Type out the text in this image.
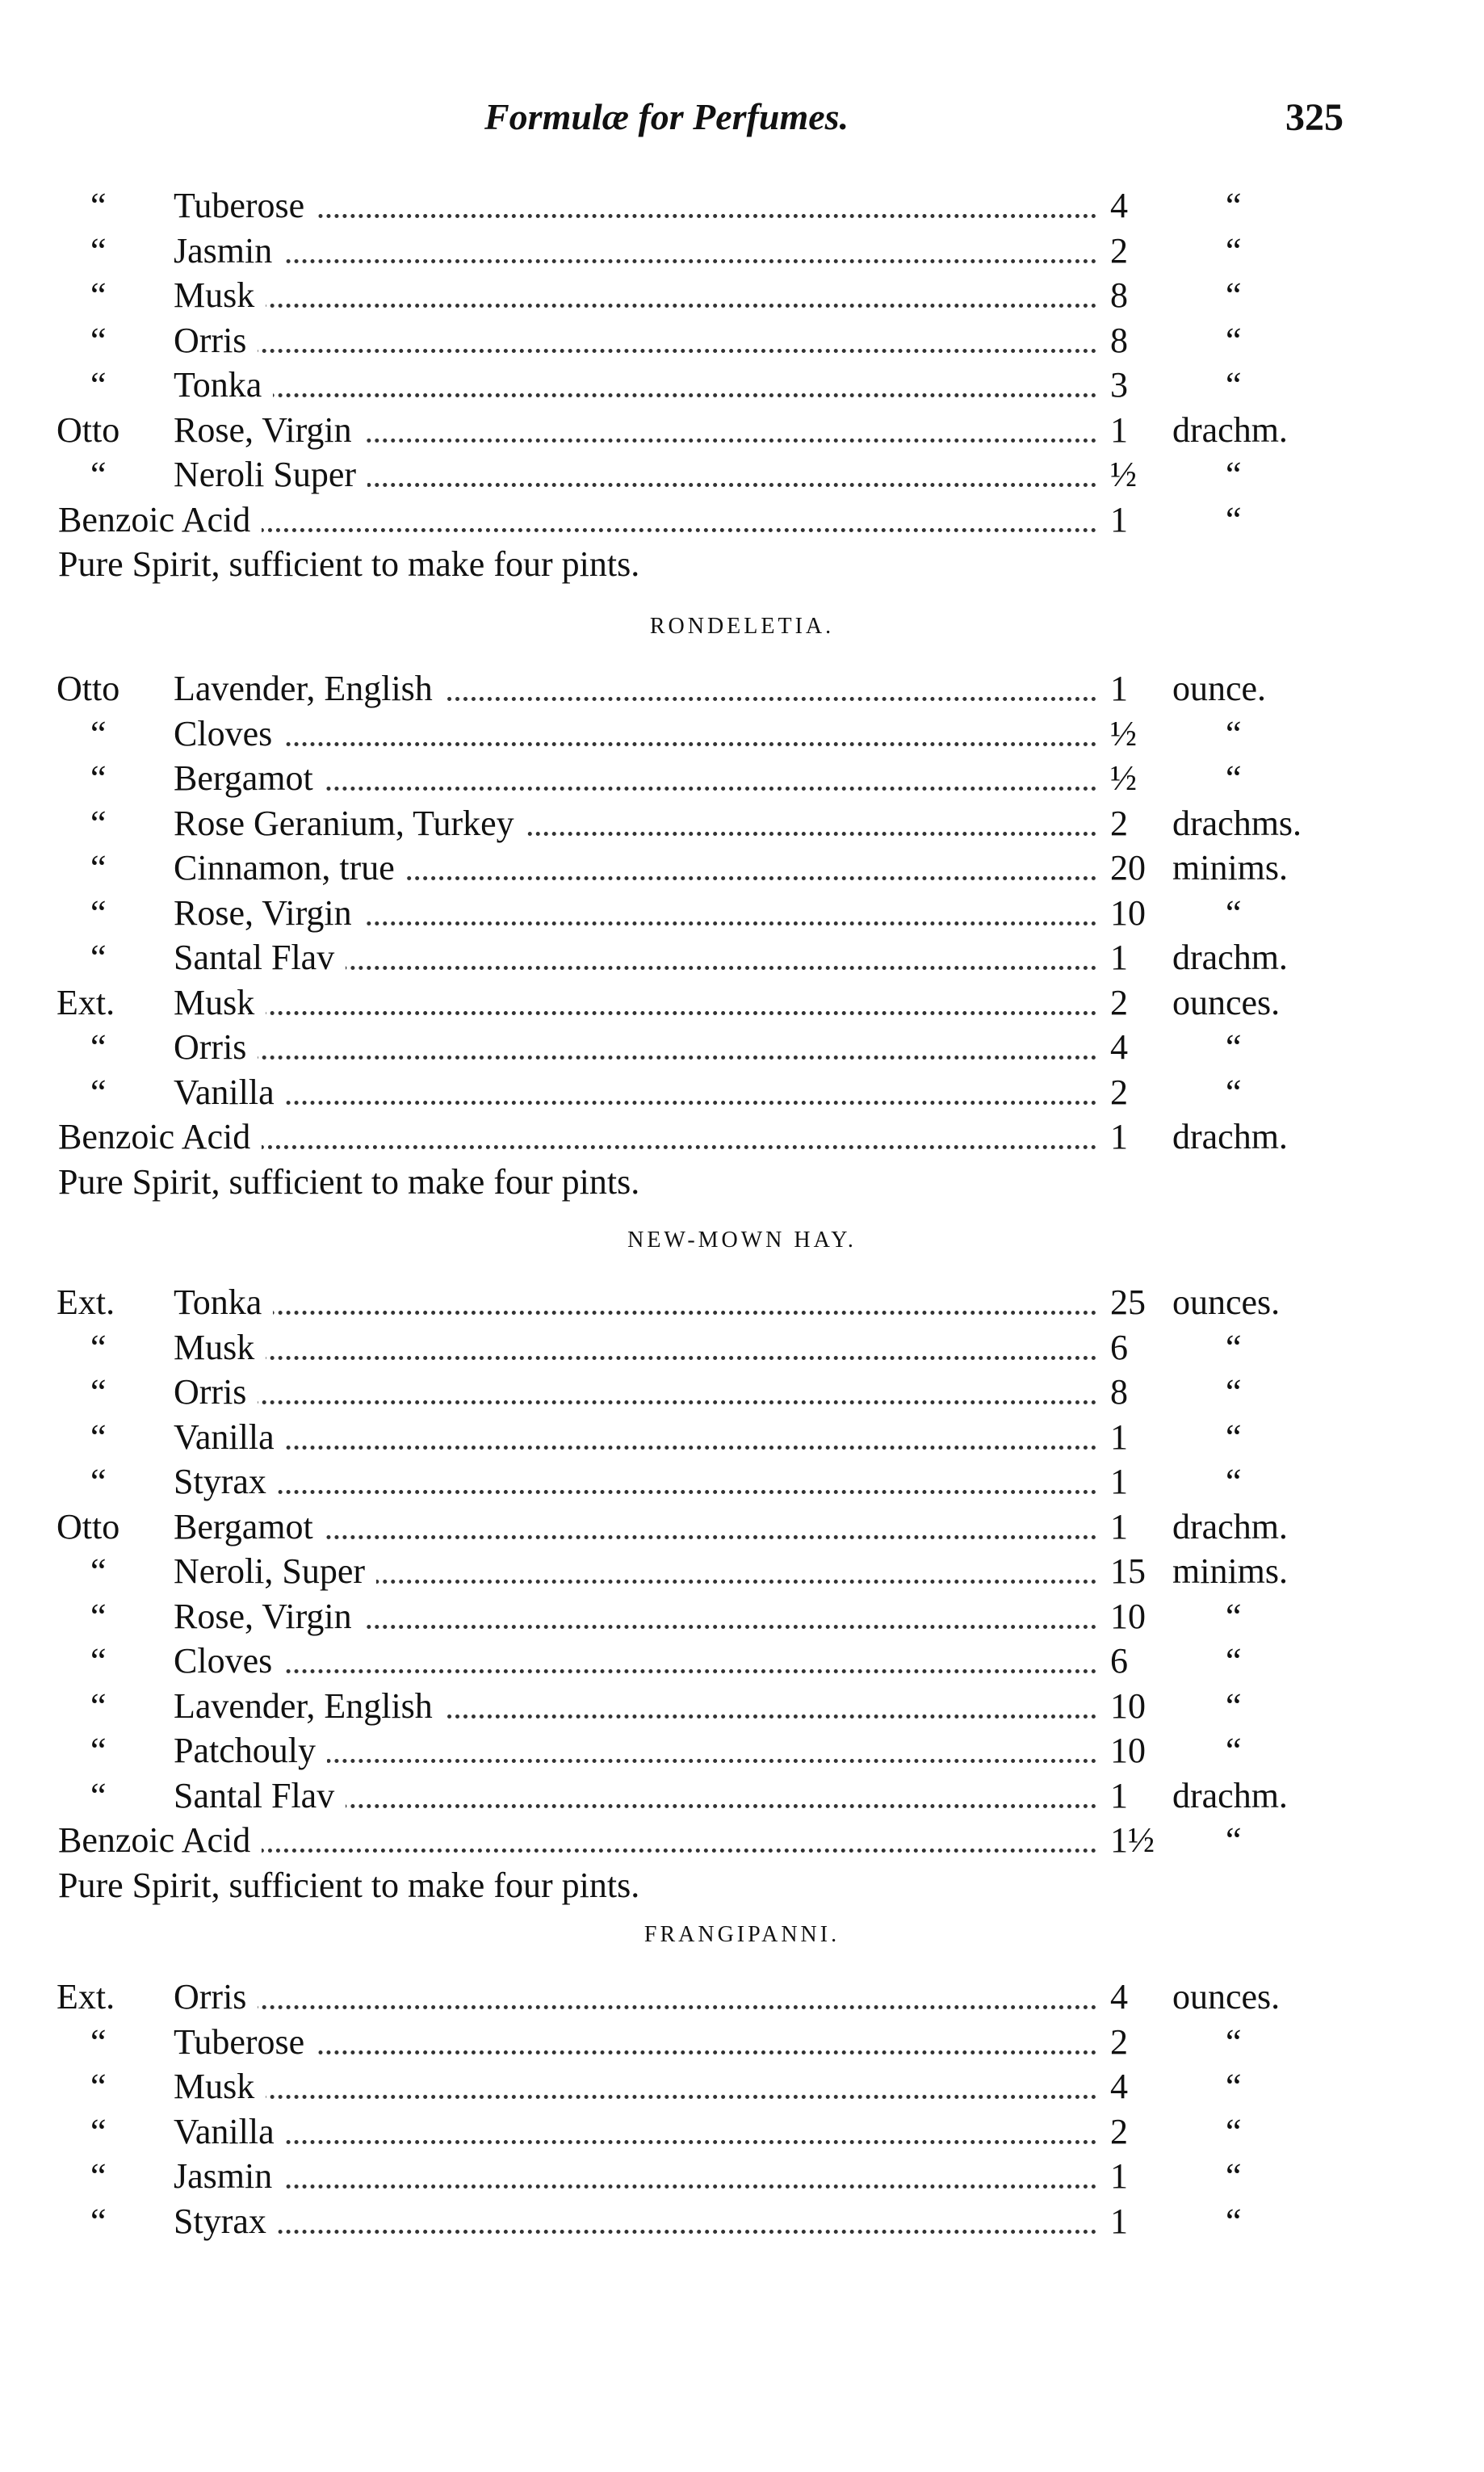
Formulæ for Perfumes.	325
“	Tuberose	4	“
“	Jasmin	2	“
“	Musk	8	“
“	Orris	8	“
“	Tonka	3	“
Otto	Rose, Virgin	1	drachm.
“	Neroli Super	½	“
Benzoic Acid	1	“
Pure Spirit, sufficient to make four pints.
RONDELETIA.
Otto	Lavender, English	1	ounce.
“	Cloves	½	“
“	Bergamot	½	“
“	Rose Geranium, Turkey	2	drachms.
“	Cinnamon, true	20 minims.
“	Rose, Virgin	10	“
“	Santal Flav	1	drachm.
Ext.	Musk	2	ounces.
“	Orris	4	“
“	Vanilla	2	“
Benzoic Acid	1	drachm.
Pure Spirit, sufficient to make four pints.
NEW-MOWN HAY.
Ext.	Tonka	25 ounces.
“	Musk	6	“
“	Orris	8	“
“	Vanilla	1	“
“	Styrax	1	“
Otto	Bergamot	1	drachm.
“	Neroli, Super	15 minims.
“	Rose, Virgin	10	“
“	Cloves	6	“
“	Lavender, English	10	“
“	Patchouly	10	“
“	Santal Flav	1	drachm.
Benzoic Acid	1½	“
Pure Spirit, sufficient to make four pints.
FRANGIPANNI.
Ext.	Orris	4	ounces.
“	Tuberose	2	“
“	Musk	4	“
“	Vanilla	2	“
“	Jasmin	1	“
“	Styrax	1	“
